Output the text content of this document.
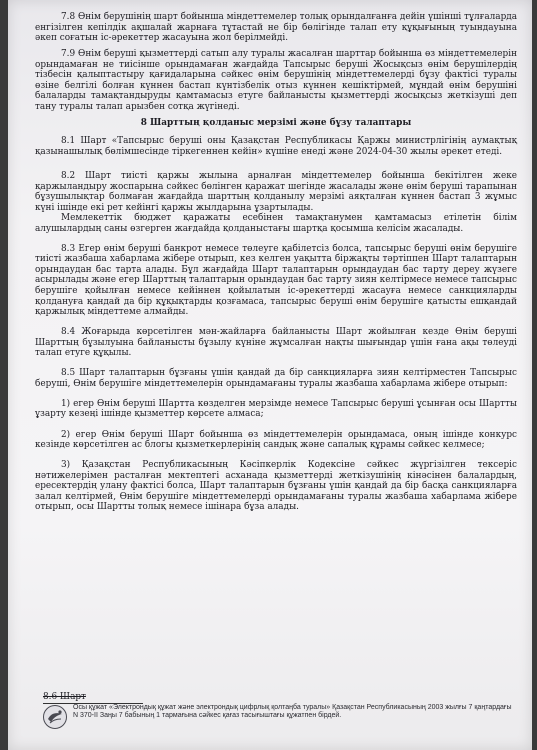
7.8 Өнім берушінің шарт бойынша міндеттемелер толық орындалғанға дейін үшінші тұлғаларда енгізілген кепілдік ақшалай жарнаға тұтастай не бір бөлігінде талап ету құқығының туындауына әкеп соғатын іс-әрекеттер жасауына жол берілмейді.

7.9 Өнім беруші қызметтерді сатып алу туралы жасалған шарттар бойынша өз міндеттемелерін орындамаған не тиісінше орындамаған жағдайда Тапсырыс беруші Жосықсыз өнім берушілердің тізбесін қалыптастыру қағидаларына сәйкес өнім берушінің міндеттемелерді бұзу фактісі туралы өзіне белгілі болған күннен бастап күнтізбелік отыз күннен кешіктірмей, мұндай өнім берушіні балаларды тамақтандыруды қамтамасыз етуге байланысты қызметтерді жосықсыз жеткізуші деп тану туралы талап арызбен сотқа жүгінеді.

8 Шарттың қолданыс мерзімі және бұзу талаптары

8.1 Шарт «Тапсырыс беруші оны Қазақстан Республикасы Қаржы министрлігінің аумақтық қазынашылық бөлімшесінде тіркегеннен кейін» күшіне енеді және 2024-04-30 жылы әрекет етеді.

8.2 Шарт тиісті қаржы жылына арналған міндеттемелер бойынша бекітілген жеке қаржыландыру жоспарына сәйкес бөлінген қаражат шегінде жасалады және өнім беруші тарапынан бұзушылықтар болмаған жағдайда шарттың қолданылу мерзімі аяқталған күннен бастап 3 жұмыс күні ішінде екі рет кейінгі қаржы жылдарына ұзартылады.

Мемлекеттік бюджет қаражаты есебінен тамақтанумен қамтамасыз етілетін білім алушылардың саны өзгерген жағдайда қолданыстағы шартқа қосымша келісім жасалады.

8.3 Егер өнім беруші банкрот немесе төлеуге қабілетсіз болса, тапсырыс беруші өнім берушіге тиісті жазбаша хабарлама жібере отырып, кез келген уақытта біржақты тәртіппен Шарт талаптарын орындаудан бас тарта алады. Бұл жағдайда Шарт талаптарын орындаудан бас тарту дереу жүзеге асырылады және егер Шарттың талаптарын орындаудан бас тарту зиян келтірмесе немесе тапсырыс берушіге қойылған немесе кейіннен қойылатын іс-әрекеттерді жасауға немесе санкцияларды қолдануға қандай да бір құқықтарды қозғамаса, тапсырыс беруші өнім берушіге қатысты ешқандай қаржылық міндеттеме алмайды.

8.4 Жоғарыда көрсетілген мән-жайларға байланысты Шарт жойылған кезде Өнім беруші Шарттың бұзылуына байланысты бұзылу күніне жұмсалған нақты шығындар үшін ғана ақы төлеуді талап етуге құқылы.

8.5 Шарт талаптарын бұзғаны үшін қандай да бір санкцияларға зиян келтірместен Тапсырыс беруші, Өнім берушіге міндеттемелерін орындамағаны туралы жазбаша хабарлама жібере отырып:

1) егер Өнім беруші Шартта көзделген мерзімде немесе Тапсырыс беруші ұсынған осы Шартты ұзарту кезеңі ішінде қызметтер көрсете алмаса;

2) егер Өнім беруші Шарт бойынша өз міндеттемелерін орындамаса, оның ішінде конкурс кезінде көрсетілген ас блогы қызметкерлерінің сандық және сапалық құрамы сәйкес келмесе;

3) Қазақстан Республикасының Кәсіпкерлік Кодексіне сәйкес жүргізілген тексеріс нәтижелерімен расталған мектептегі асханада қызметтерді жеткізушінің кінәсінен балалардың, ересектердің улану фактісі болса, Шарт талаптарын бұзғаны үшін қандай да бір басқа санкцияларға залал келтірмей, Өнім берушіге міндеттемелерді орындамағаны туралы жазбаша хабарлама жібере отырып, осы Шартты толық немесе ішінара бұза алады.

8.6 Шарт
Осы құжат «Электрондық құжат және электрондық цифрлық қолтаңба туралы» Қазақстан Республикасының 2003 жылғы 7 қаңтардағы N 370-II Заңы 7 бабының 1 тармағына сәйкес қағаз тасығыштағы құжатпен бірдей.
